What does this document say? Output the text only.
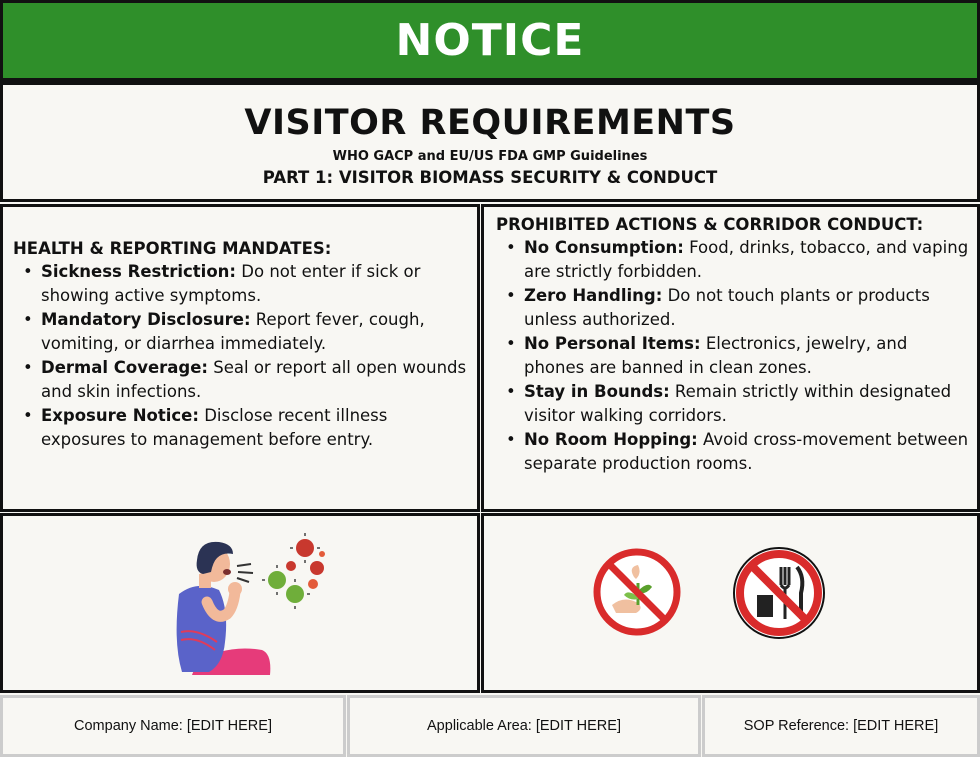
NOTICE
VISITOR REQUIREMENTS
WHO GACP and EU/US FDA GMP Guidelines
PART 1: VISITOR BIOMASS SECURITY & CONDUCT
HEALTH & REPORTING MANDATES:
• Sickness Restriction: Do not enter if sick or showing active symptoms.
• Mandatory Disclosure: Report fever, cough, vomiting, or diarrhea immediately.
• Dermal Coverage: Seal or report all open wounds and skin infections.
• Exposure Notice: Disclose recent illness exposures to management before entry.
PROHIBITED ACTIONS & CORRIDOR CONDUCT:
• No Consumption: Food, drinks, tobacco, and vaping are strictly forbidden.
• Zero Handling: Do not touch plants or products unless authorized.
• No Personal Items: Electronics, jewelry, and phones are banned in clean zones.
• Stay in Bounds: Remain strictly within designated visitor walking corridors.
• No Room Hopping: Avoid cross-movement between separate production rooms.
Company Name: [EDIT HERE]	Applicable Area: [EDIT HERE]	SOP Reference: [EDIT HERE]
